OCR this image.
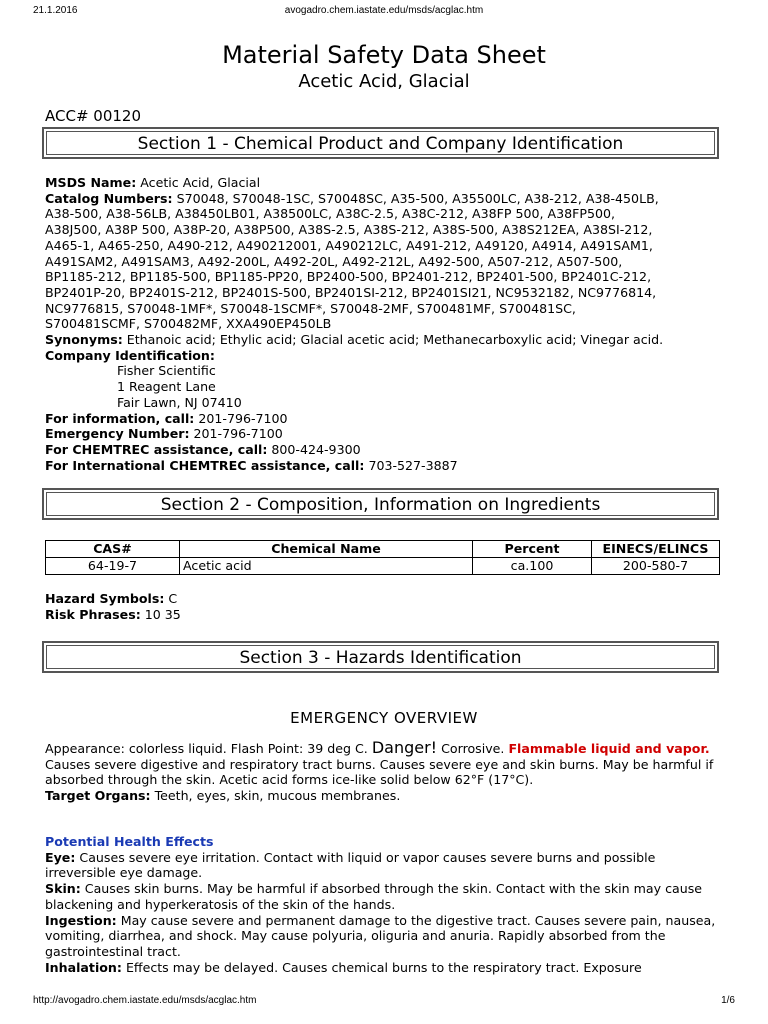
21.1.2016	avogadro.chem.iastate.edu/msds/acglac.htm
Material Safety Data Sheet
Acetic Acid, Glacial
ACC# 00120
Section 1 - Chemical Product and Company Identification
MSDS Name: Acetic Acid, Glacial
Catalog Numbers: S70048, S70048-1SC, S70048SC, A35-500, A35500LC, A38-212, A38-450LB,
A38-500, A38-56LB, A38450LB01, A38500LC, A38C-2.5, A38C-212, A38FP 500, A38FP500,
A38J500, A38P 500, A38P-20, A38P500, A38S-2.5, A38S-212, A38S-500, A38S212EA, A38SI-212,
A465-1, A465-250, A490-212, A490212001, A490212LC, A491-212, A49120, A4914, A491SAM1,
A491SAM2, A491SAM3, A492-200L, A492-20L, A492-212L, A492-500, A507-212, A507-500,
BP1185-212, BP1185-500, BP1185-PP20, BP2400-500, BP2401-212, BP2401-500, BP2401C-212,
BP2401P-20, BP2401S-212, BP2401S-500, BP2401SI-212, BP2401SI21, NC9532182, NC9776814,
NC9776815, S70048-1MF*, S70048-1SCMF*, S70048-2MF, S700481MF, S700481SC,
S700481SCMF, S700482MF, XXA490EP450LB
Synonyms: Ethanoic acid; Ethylic acid; Glacial acetic acid; Methanecarboxylic acid; Vinegar acid.
Company Identification:
Fisher Scientific
1 Reagent Lane
Fair Lawn, NJ 07410
For information, call: 201-796-7100
Emergency Number: 201-796-7100
For CHEMTREC assistance, call: 800-424-9300
For International CHEMTREC assistance, call: 703-527-3887
Section 2 - Composition, Information on Ingredients
CAS#	Chemical Name	Percent	EINECS/ELINCS
64-19-7	Acetic acid	ca.100	200-580-7
Hazard Symbols: C
Risk Phrases: 10 35
Section 3 - Hazards Identification
EMERGENCY OVERVIEW
Appearance: colorless liquid. Flash Point: 39 deg C. Danger! Corrosive. Flammable liquid and vapor. Causes severe digestive and respiratory tract burns. Causes severe eye and skin burns. May be harmful if absorbed through the skin. Acetic acid forms ice-like solid below 62°F (17°C).
Target Organs: Teeth, eyes, skin, mucous membranes.
Potential Health Effects
Eye: Causes severe eye irritation. Contact with liquid or vapor causes severe burns and possible irreversible eye damage.
Skin: Causes skin burns. May be harmful if absorbed through the skin. Contact with the skin may cause blackening and hyperkeratosis of the skin of the hands.
Ingestion: May cause severe and permanent damage to the digestive tract. Causes severe pain, nausea, vomiting, diarrhea, and shock. May cause polyuria, oliguria and anuria. Rapidly absorbed from the gastrointestinal tract.
Inhalation: Effects may be delayed. Causes chemical burns to the respiratory tract. Exposure
http://avogadro.chem.iastate.edu/msds/acglac.htm	1/6
